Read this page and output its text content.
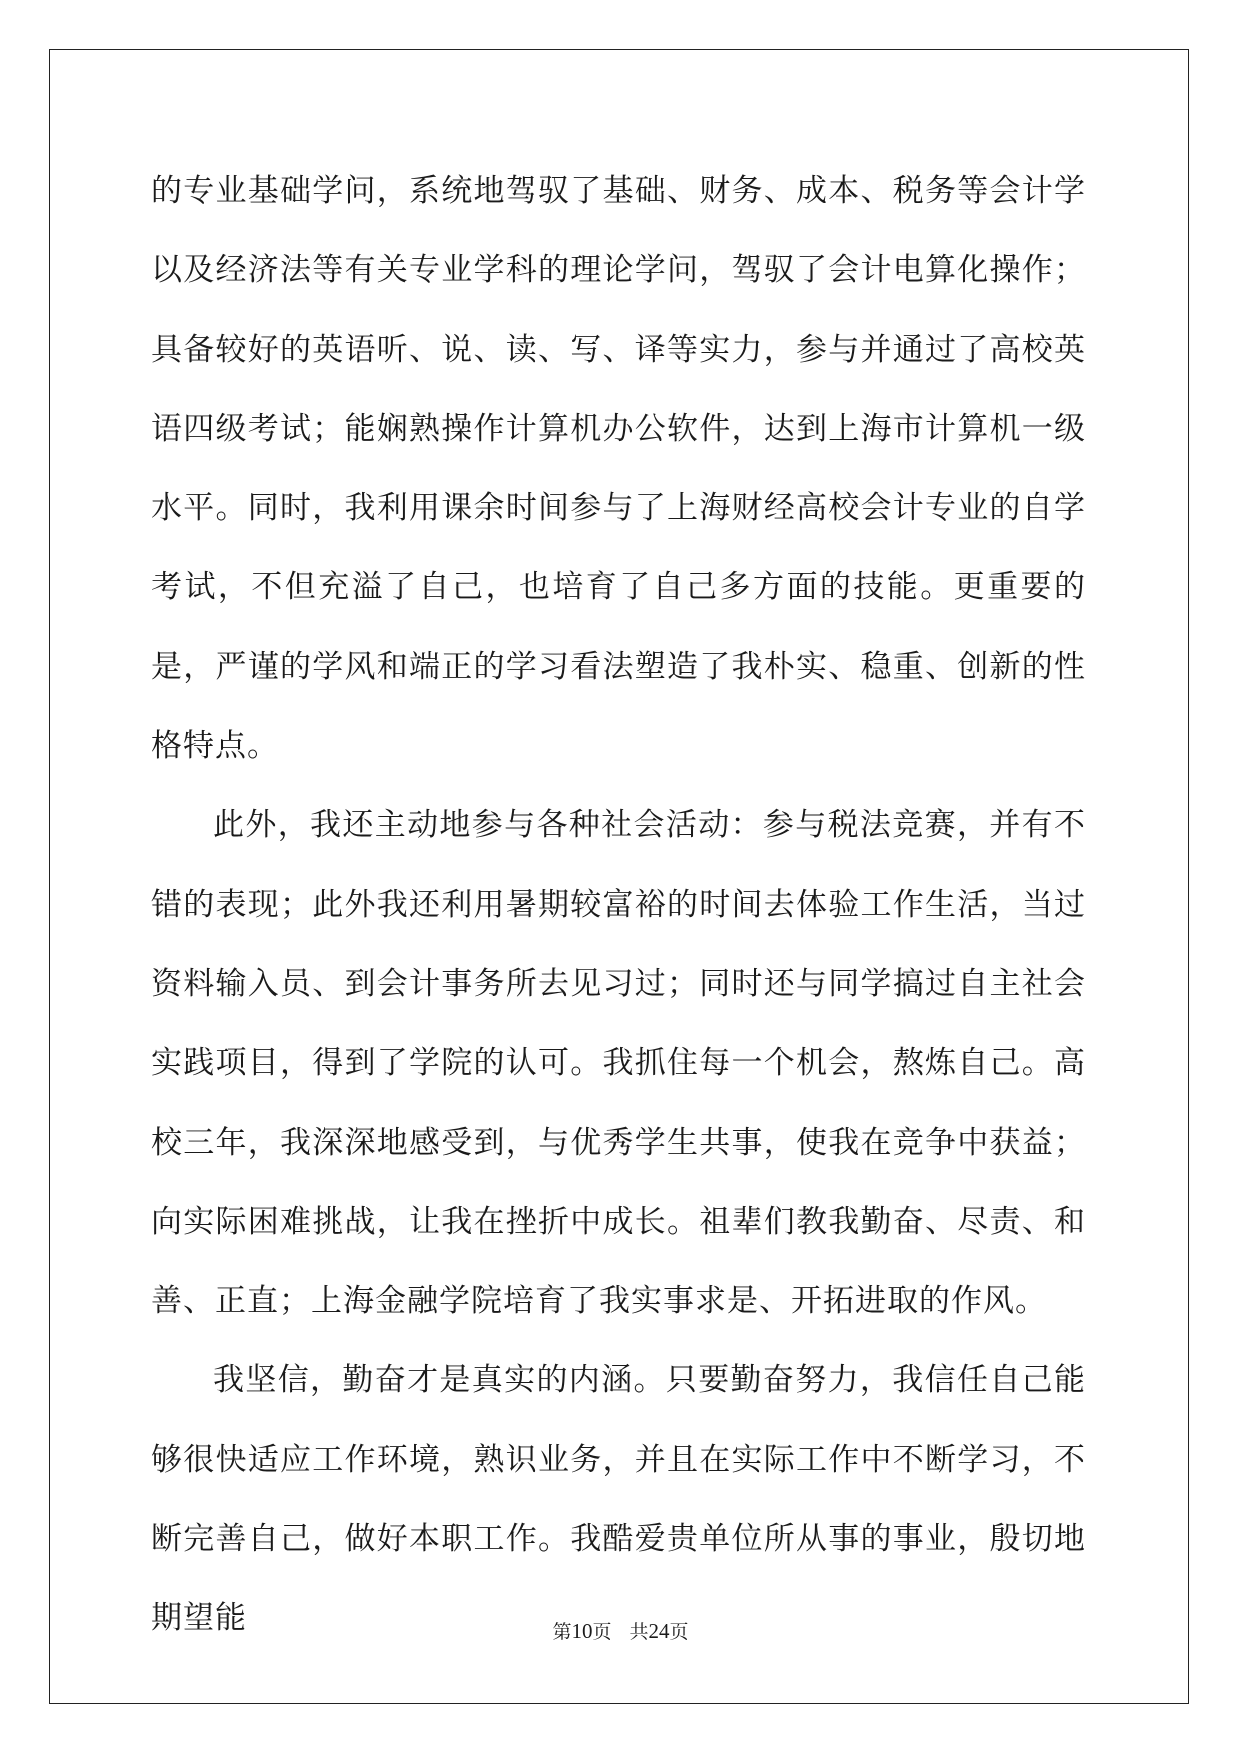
的专业基础学问，系统地驾驭了基础、财务、成本、税务等会计学以及经济法等有关专业学科的理论学问，驾驭了会计电算化操作；具备较好的英语听、说、读、写、译等实力，参与并通过了高校英语四级考试；能娴熟操作计算机办公软件，达到上海市计算机一级水平。同时，我利用课余时间参与了上海财经高校会计专业的自学考试，不但充溢了自己，也培育了自己多方面的技能。更重要的是，严谨的学风和端正的学习看法塑造了我朴实、稳重、创新的性格特点。

此外，我还主动地参与各种社会活动：参与税法竞赛，并有不错的表现；此外我还利用暑期较富裕的时间去体验工作生活，当过资料输入员、到会计事务所去见习过；同时还与同学搞过自主社会实践项目，得到了学院的认可。我抓住每一个机会，熬炼自己。高校三年，我深深地感受到，与优秀学生共事，使我在竞争中获益；向实际困难挑战，让我在挫折中成长。祖辈们教我勤奋、尽责、和善、正直；上海金融学院培育了我实事求是、开拓进取的作风。

我坚信，勤奋才是真实的内涵。只要勤奋努力，我信任自己能够很快适应工作环境，熟识业务，并且在实际工作中不断学习，不断完善自己，做好本职工作。我酷爱贵单位所从事的事业，殷切地期望能	第10页 共24页
